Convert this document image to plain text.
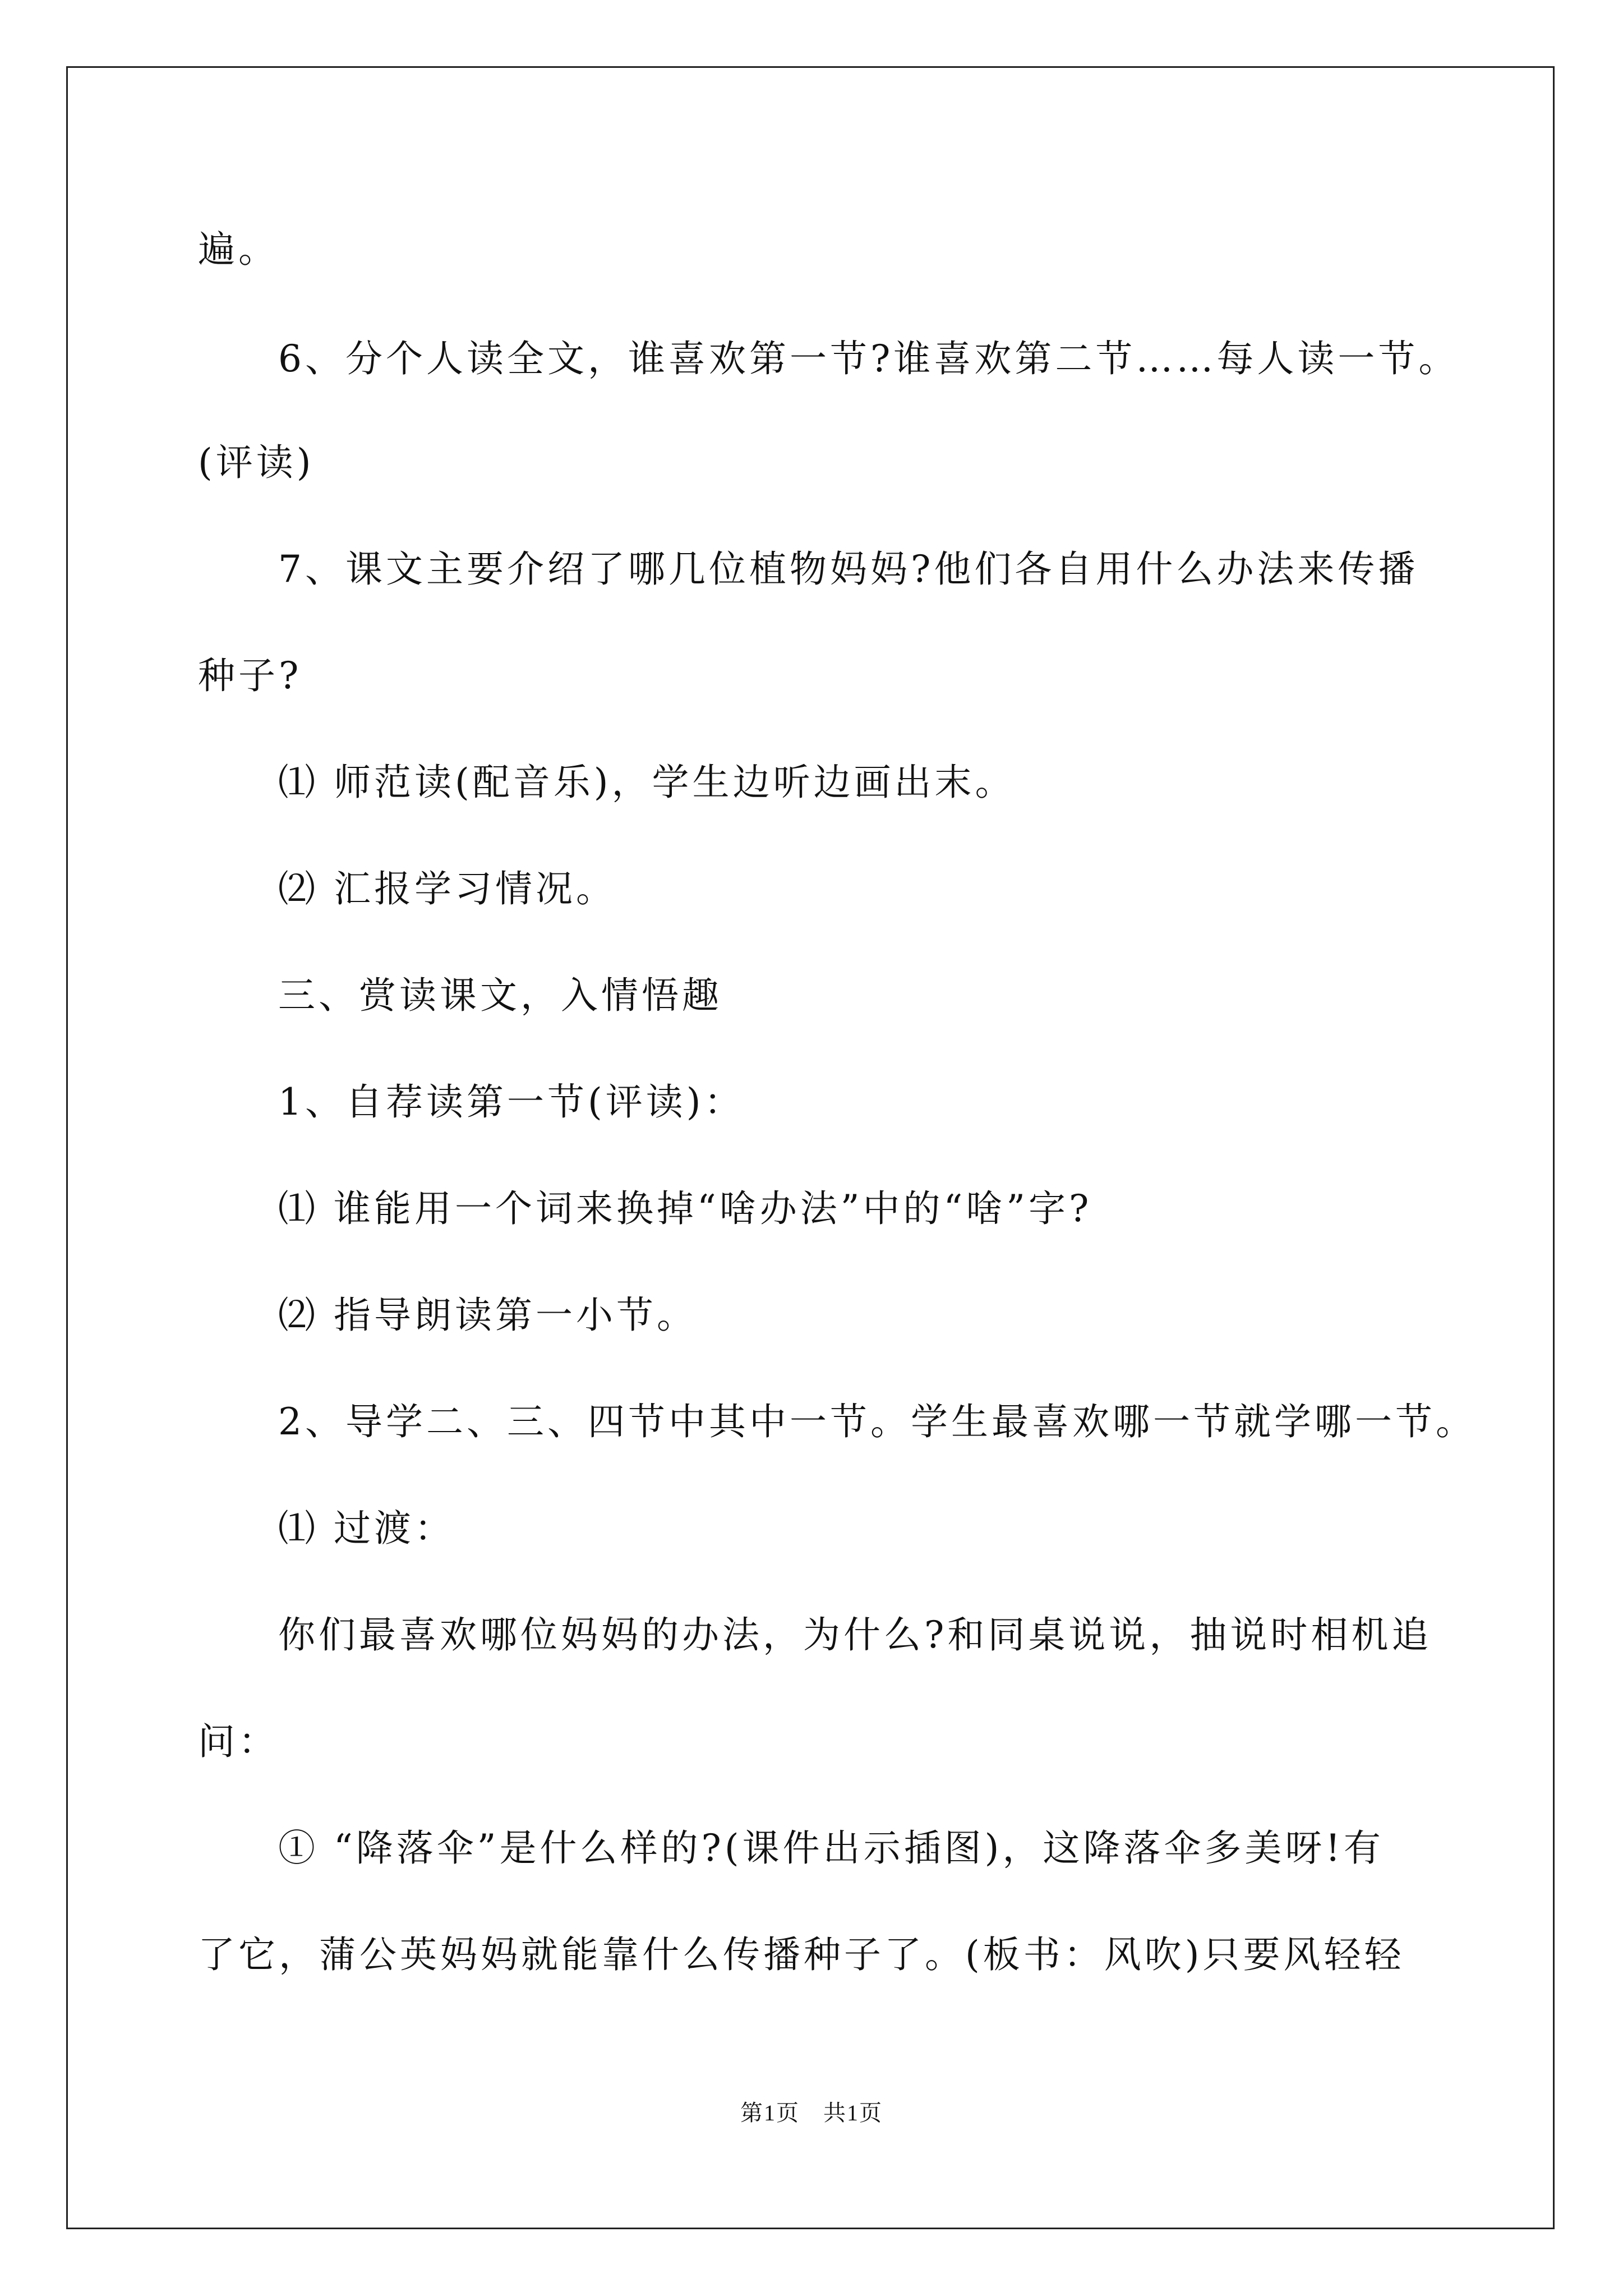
遍。
6、分个人读全文，谁喜欢第一节?谁喜欢第二节……每人读一节。
(评读)
7、课文主要介绍了哪几位植物妈妈?他们各自用什么办法来传播
种子?
⑴ 师范读(配音乐)，学生边听边画出末。
⑵ 汇报学习情况。
三、赏读课文，入情悟趣
1、自荐读第一节(评读)：
⑴ 谁能用一个词来换掉“啥办法”中的“啥”字?
⑵ 指导朗读第一小节。
2、导学二、三、四节中其中一节。学生最喜欢哪一节就学哪一节。
⑴ 过渡：
你们最喜欢哪位妈妈的办法，为什么?和同桌说说，抽说时相机追
问：
① “降落伞”是什么样的?(课件出示插图)，这降落伞多美呀!有
了它，蒲公英妈妈就能靠什么传播种子了。(板书：风吹)只要风轻轻
第1页　共1页
